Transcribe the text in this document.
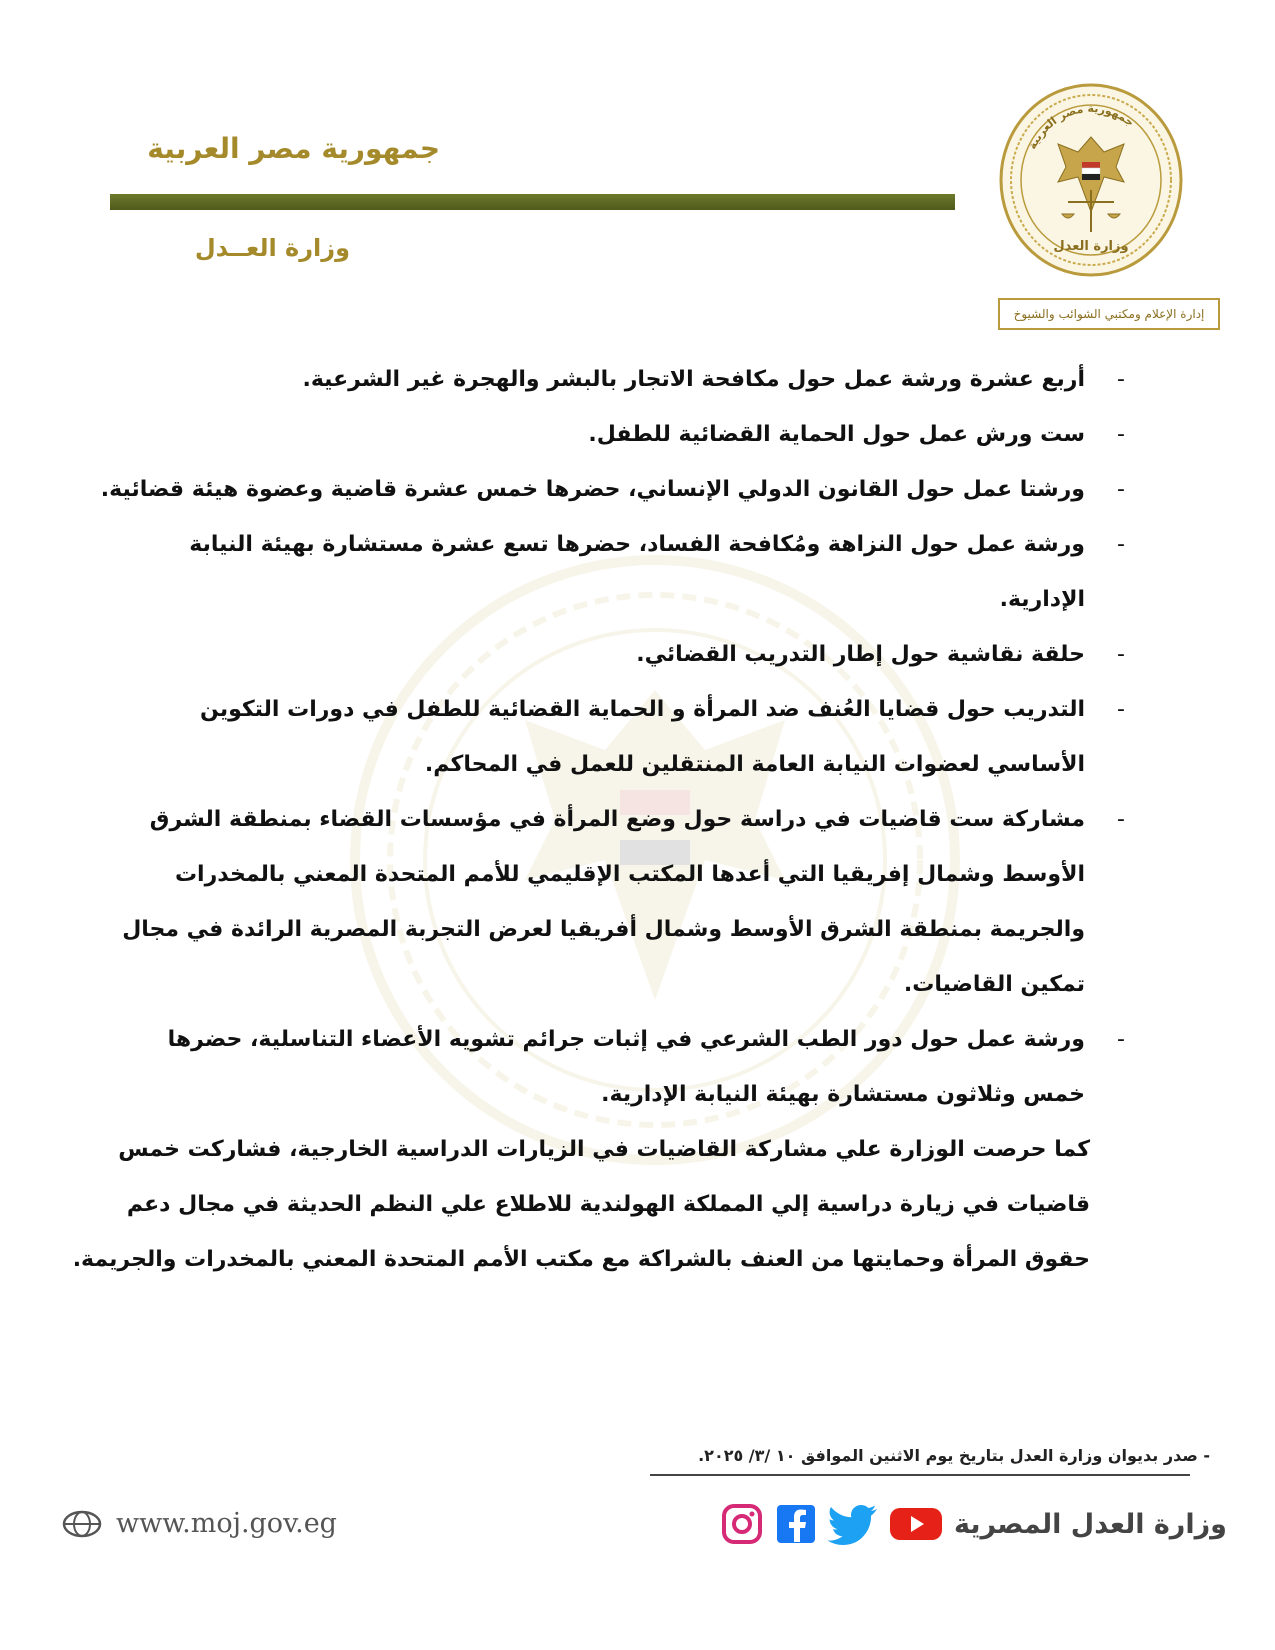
جمهورية مصر العربية
وزارة العــدل
جمهورية مصر العربية
وزارة العدل
إدارة الإعلام ومكتبي الشوائب والشيوخ
- أربع عشرة ورشة عمل حول مكافحة الاتجار بالبشر والهجرة غير الشرعية.
- ست ورش عمل حول الحماية القضائية للطفل.
- ورشتا عمل حول القانون الدولي الإنساني، حضرها خمس عشرة قاضية وعضوة هيئة قضائية.
- ورشة عمل حول النزاهة ومُكافحة الفساد، حضرها تسع عشرة مستشارة بهيئة النيابة الإدارية.
- حلقة نقاشية حول إطار التدريب القضائي.
- التدريب حول قضايا العُنف ضد المرأة و الحماية القضائية للطفل في دورات التكوين الأساسي لعضوات النيابة العامة المنتقلين للعمل في المحاكم.
- مشاركة ست قاضيات في دراسة حول وضع المرأة في مؤسسات القضاء بمنطقة الشرق الأوسط وشمال إفريقيا التي أعدها المكتب الإقليمي للأمم المتحدة المعني بالمخدرات والجريمة بمنطقة الشرق الأوسط وشمال أفريقيا لعرض التجربة المصرية الرائدة في مجال تمكين القاضيات.
- ورشة عمل حول دور الطب الشرعي في إثبات جرائم تشويه الأعضاء التناسلية، حضرها خمس وثلاثون مستشارة بهيئة النيابة الإدارية.

كما حرصت الوزارة علي مشاركة القاضيات في الزيارات الدراسية الخارجية، فشاركت خمس قاضيات في زيارة دراسية إلي المملكة الهولندية للاطلاع علي النظم الحديثة في مجال دعم حقوق المرأة وحمايتها من العنف بالشراكة مع مكتب الأمم المتحدة المعني بالمخدرات والجريمة.

- صدر بديوان وزارة العدل بتاريخ يوم الاثنين الموافق ١٠ /٣/ ٢٠٢٥.
www.moj.gov.eg	وزارة العدل المصرية
